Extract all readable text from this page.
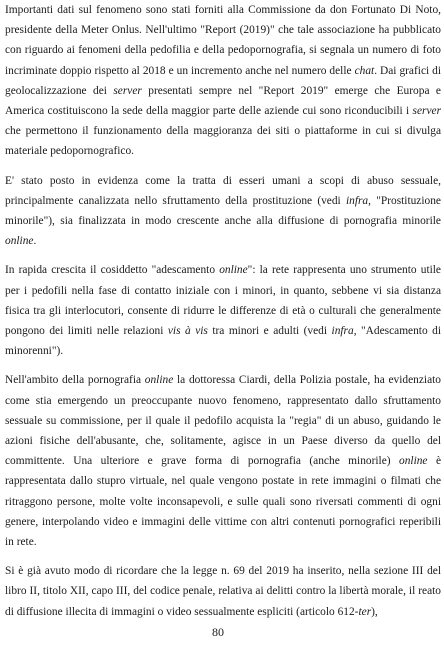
Importanti dati sul fenomeno sono stati forniti alla Commissione da don Fortunato Di Noto, presidente della Meter Onlus. Nell'ultimo "Report (2019)" che tale associazione ha pubblicato con riguardo ai fenomeni della pedofilia e della pedopornografia, si segnala un numero di foto incriminate doppio rispetto al 2018 e un incremento anche nel numero delle chat. Dai grafici di geolocalizzazione dei server presentati sempre nel "Report 2019" emerge che Europa e America costituiscono la sede della maggior parte delle aziende cui sono riconducibili i server che permettono il funzionamento della maggioranza dei siti o piattaforme in cui si divulga materiale pedopornografico.

E' stato posto in evidenza come la tratta di esseri umani a scopi di abuso sessuale, principalmente canalizzata nello sfruttamento della prostituzione (vedi infra, "Prostituzione minorile"), sia finalizzata in modo crescente anche alla diffusione di pornografia minorile online.

In rapida crescita il cosiddetto "adescamento online": la rete rappresenta uno strumento utile per i pedofili nella fase di contatto iniziale con i minori, in quanto, sebbene vi sia distanza fisica tra gli interlocutori, consente di ridurre le differenze di età o culturali che generalmente pongono dei limiti nelle relazioni vis à vis tra minori e adulti (vedi infra, "Adescamento di minorenni").

Nell'ambito della pornografia online la dottoressa Ciardi, della Polizia postale, ha evidenziato come stia emergendo un preoccupante nuovo fenomeno, rappresentato dallo sfruttamento sessuale su commissione, per il quale il pedofilo acquista la "regia" di un abuso, guidando le azioni fisiche dell'abusante, che, solitamente, agisce in un Paese diverso da quello del committente. Una ulteriore e grave forma di pornografia (anche minorile) online è rappresentata dallo stupro virtuale, nel quale vengono postate in rete immagini o filmati che ritraggono persone, molte volte inconsapevoli, e sulle quali sono riversati commenti di ogni genere, interpolando video e immagini delle vittime con altri contenuti pornografici reperibili in rete.

Si è già avuto modo di ricordare che la legge n. 69 del 2019 ha inserito, nella sezione III del libro II, titolo XII, capo III, del codice penale, relativa ai delitti contro la libertà morale, il reato di diffusione illecita di immagini o video sessualmente espliciti (articolo 612-ter),

80
